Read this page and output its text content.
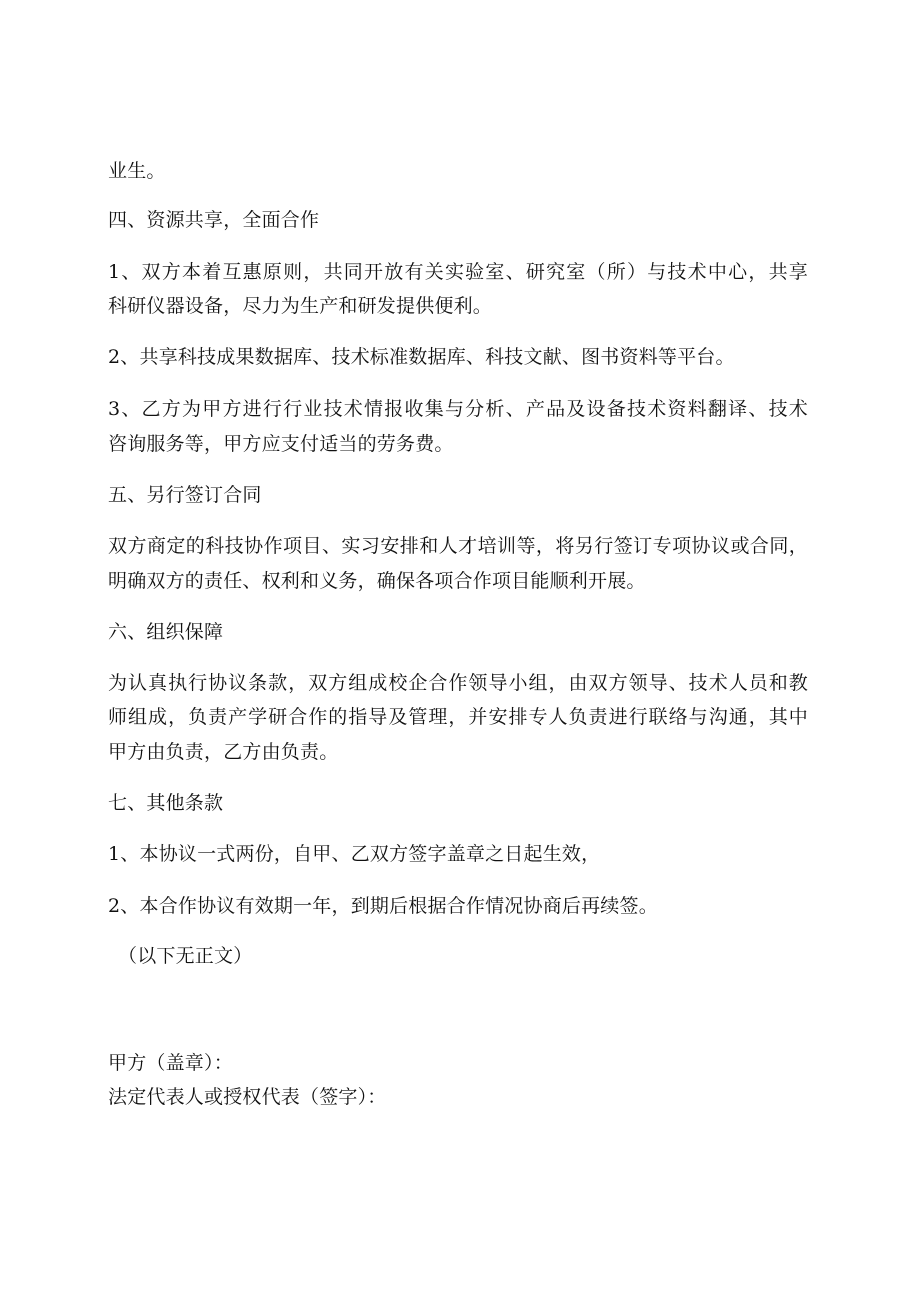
业生。
四、资源共享，全面合作
1、双方本着互惠原则，共同开放有关实验室、研究室（所）与技术中心，共享
科研仪器设备，尽力为生产和研发提供便利。
2、共享科技成果数据库、技术标准数据库、科技文献、图书资料等平台。
3、乙方为甲方进行行业技术情报收集与分析、产品及设备技术资料翻译、技术
咨询服务等，甲方应支付适当的劳务费。
五、另行签订合同
双方商定的科技协作项目、实习安排和人才培训等，将另行签订专项协议或合同，
明确双方的责任、权利和义务，确保各项合作项目能顺利开展。
六、组织保障
为认真执行协议条款，双方组成校企合作领导小组，由双方领导、技术人员和教
师组成，负责产学研合作的指导及管理，并安排专人负责进行联络与沟通，其中
甲方由负责，乙方由负责。
七、其他条款
1、本协议一式两份，自甲、乙双方签字盖章之日起生效，
2、本合作协议有效期一年，到期后根据合作情况协商后再续签。
（以下无正文）
甲方（盖章）：
法定代表人或授权代表（签字）：
